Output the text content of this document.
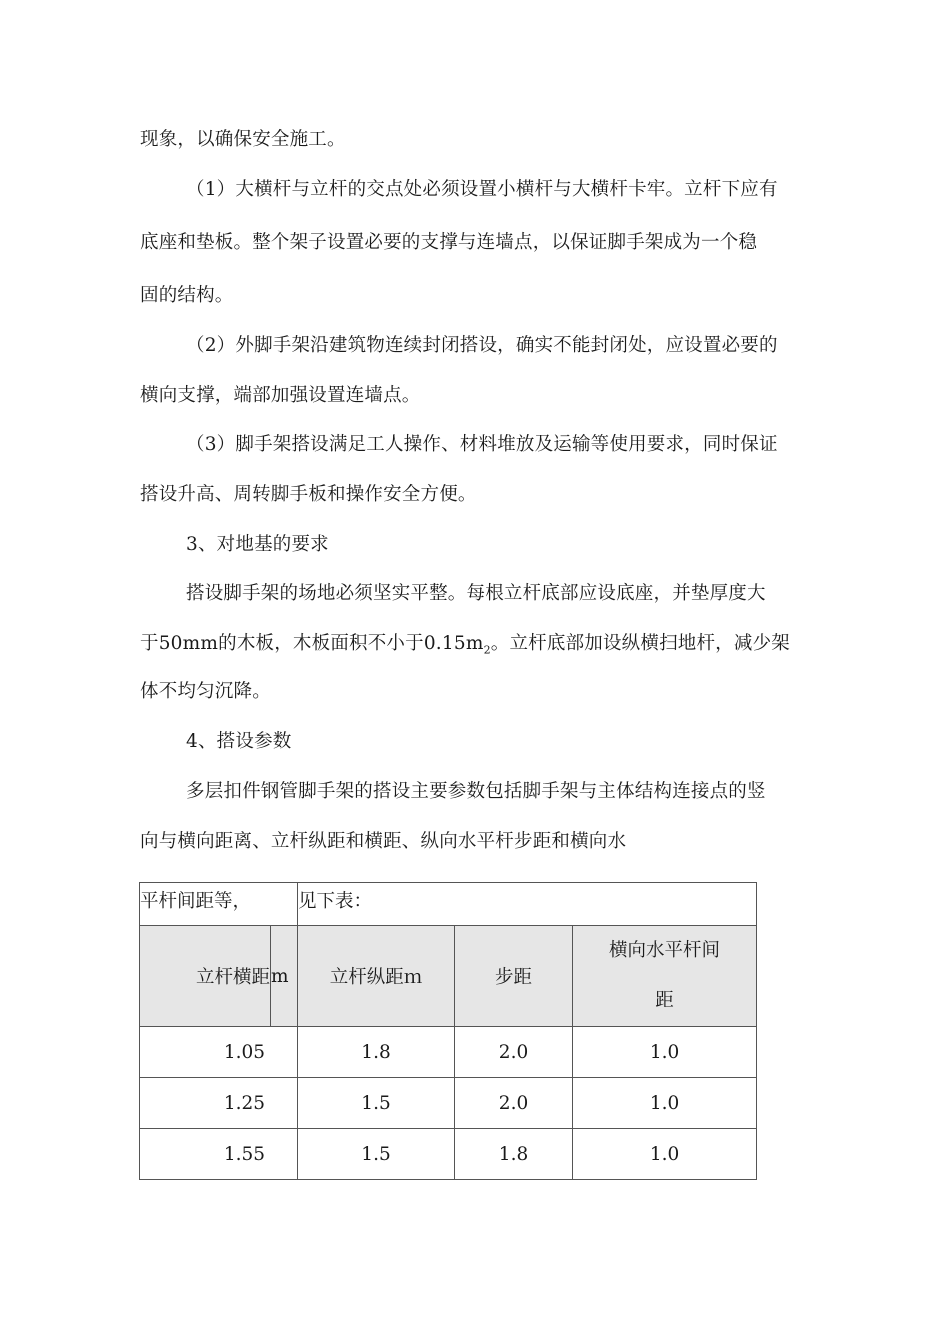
现象，以确保安全施工。
（1）大横杆与立杆的交点处必须设置小横杆与大横杆卡牢。立杆下应有
底座和垫板。整个架子设置必要的支撑与连墙点，以保证脚手架成为一个稳
固的结构。
（2）外脚手架沿建筑物连续封闭搭设，确实不能封闭处，应设置必要的
横向支撑，端部加强设置连墙点。
（3）脚手架搭设满足工人操作、材料堆放及运输等使用要求，同时保证
搭设升高、周转脚手板和操作安全方便。
3、对地基的要求
搭设脚手架的场地必须坚实平整。每根立杆底部应设底座，并垫厚度大
于50mm的木板，木板面积不小于$0.15m_2$。立杆底部加设纵横扫地杆，减少架
体不均匀沉降。
4、搭设参数
多层扣件钢管脚手架的搭设主要参数包括脚手架与主体结构连接点的竖
向与横向距离、立杆纵距和横距、纵向水平杆步距和横向水
平杆间距等，		见下表：		

立杆横距	m	立杆纵距ｍ	步距	横向水平杆间
距
1.05		1.8	2.0	1.0
1.25		1.5	2.0	1.0
1.55		1.5	1.8	1.0
